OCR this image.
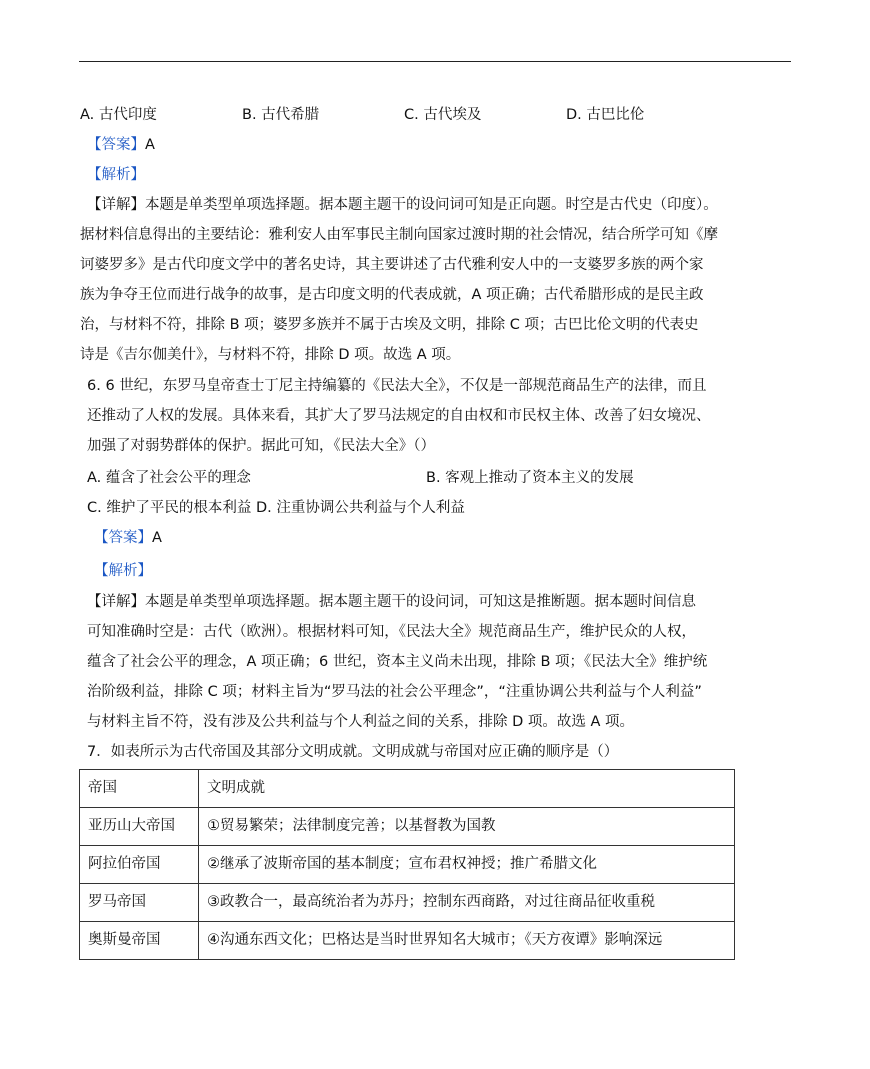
A. 古代印度	B. 古代希腊	C. 古代埃及	D. 古巴比伦
【答案】A
【解析】
【详解】本题是单类型单项选择题。据本题主题干的设问词可知是正向题。时空是古代史（印度）。
据材料信息得出的主要结论：雅利安人由军事民主制向国家过渡时期的社会情况，结合所学可知《摩
诃婆罗多》是古代印度文学中的著名史诗，其主要讲述了古代雅利安人中的一支婆罗多族的两个家
族为争夺王位而进行战争的故事，是古印度文明的代表成就，A 项正确；古代希腊形成的是民主政
治，与材料不符，排除 B 项；婆罗多族并不属于古埃及文明，排除 C 项；古巴比伦文明的代表史
诗是《吉尔伽美什》，与材料不符，排除 D 项。故选 A 项。
6. 6 世纪，东罗马皇帝查士丁尼主持编纂的《民法大全》，不仅是一部规范商品生产的法律，而且
还推动了人权的发展。具体来看，其扩大了罗马法规定的自由权和市民权主体、改善了妇女境况、
加强了对弱势群体的保护。据此可知，《民法大全》（）
A. 蕴含了社会公平的理念	B. 客观上推动了资本主义的发展
C. 维护了平民的根本利益 D. 注重协调公共利益与个人利益
【答案】A
【解析】
【详解】本题是单类型单项选择题。据本题主题干的设问词，可知这是推断题。据本题时间信息
可知准确时空是：古代（欧洲）。根据材料可知，《民法大全》规范商品生产，维护民众的人权，
蕴含了社会公平的理念，A 项正确；6 世纪，资本主义尚未出现，排除 B 项；《民法大全》维护统
治阶级利益，排除 C 项；材料主旨为“罗马法的社会公平理念”，“注重协调公共利益与个人利益”
与材料主旨不符，没有涉及公共利益与个人利益之间的关系，排除 D 项。故选 A 项。
7．如表所示为古代帝国及其部分文明成就。文明成就与帝国对应正确的顺序是（）
帝国	文明成就
亚历山大帝国	①贸易繁荣；法律制度完善；以基督教为国教
阿拉伯帝国	②继承了波斯帝国的基本制度；宣布君权神授；推广希腊文化
罗马帝国	③政教合一，最高统治者为苏丹；控制东西商路，对过往商品征收重税
奥斯曼帝国	④沟通东西文化；巴格达是当时世界知名大城市；《天方夜谭》影响深远
